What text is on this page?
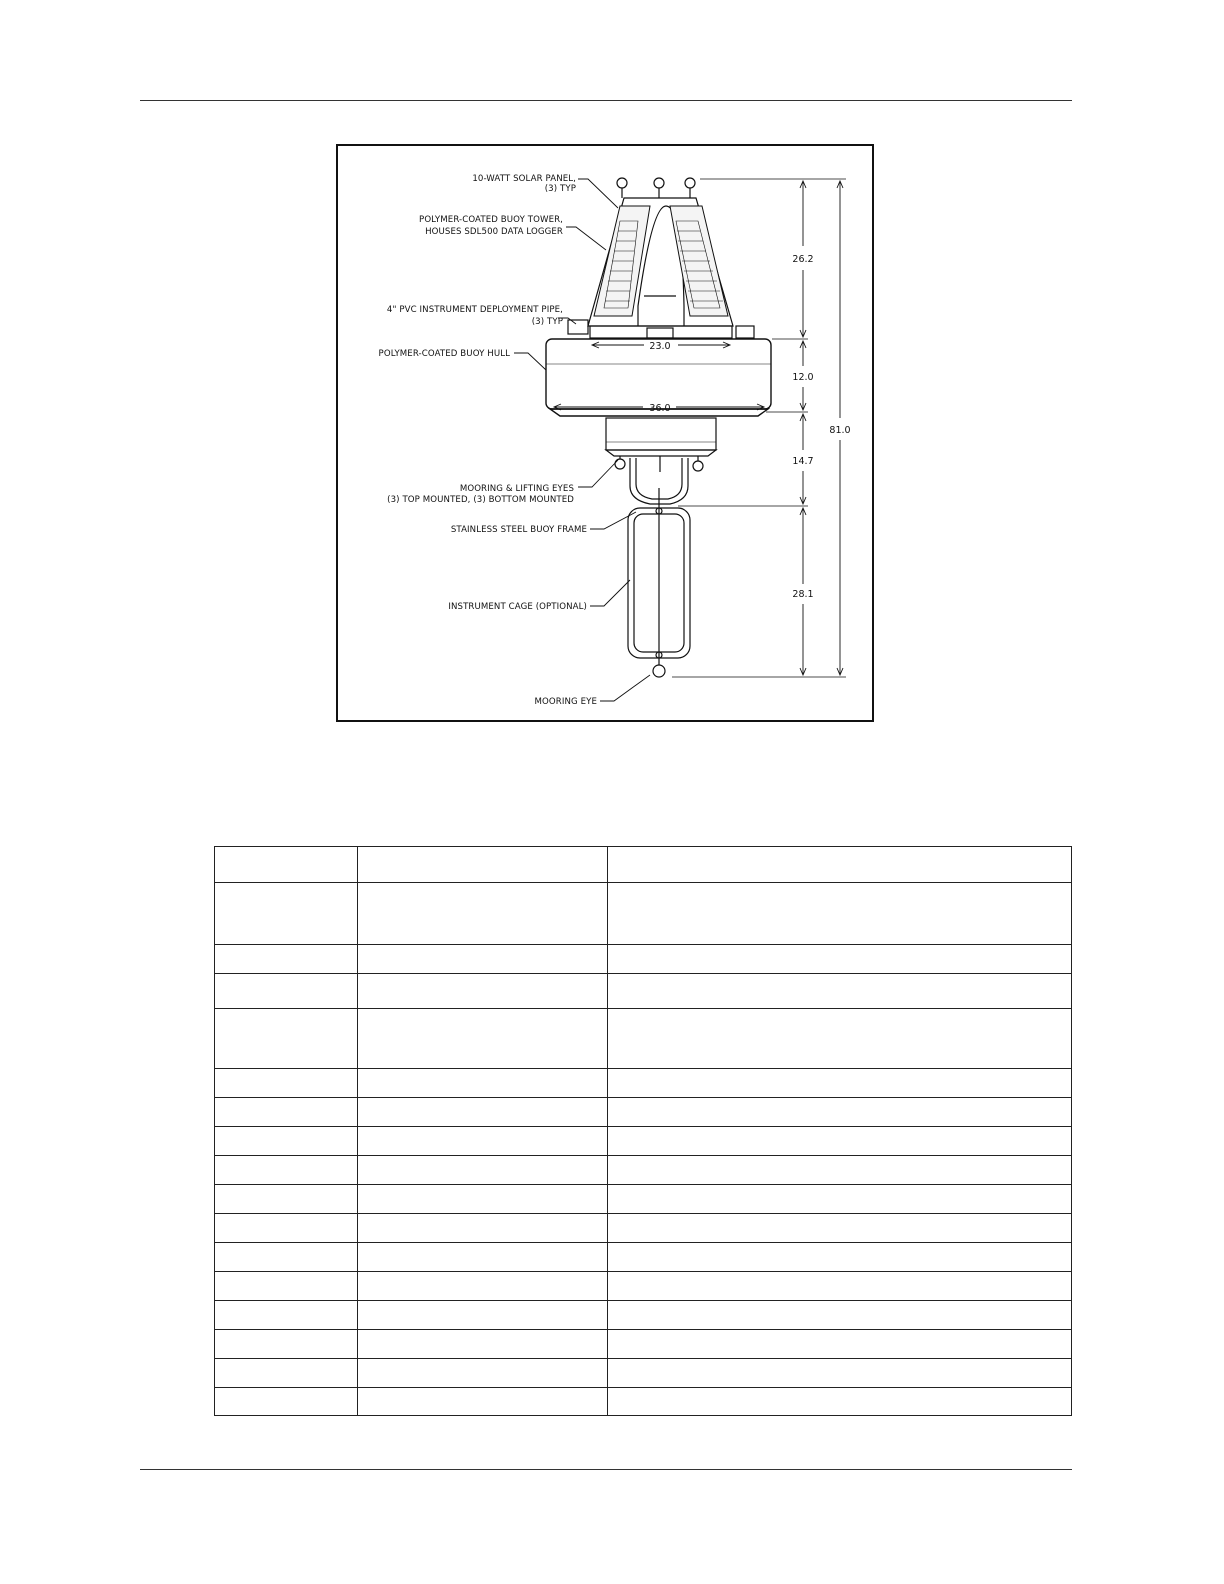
10-WATT SOLAR PANEL,
(3) TYP
POLYMER-COATED BUOY TOWER,
HOUSES SDL500 DATA LOGGER
4" PVC INSTRUMENT DEPLOYMENT PIPE,
(3) TYP
POLYMER-COATED BUOY HULL
MOORING & LIFTING EYES
(3) TOP MOUNTED, (3) BOTTOM MOUNTED
STAINLESS STEEL BUOY FRAME
INSTRUMENT CAGE (OPTIONAL)
MOORING EYE
26.2
23.0
12.0
36.0
14.7
28.1
81.0
